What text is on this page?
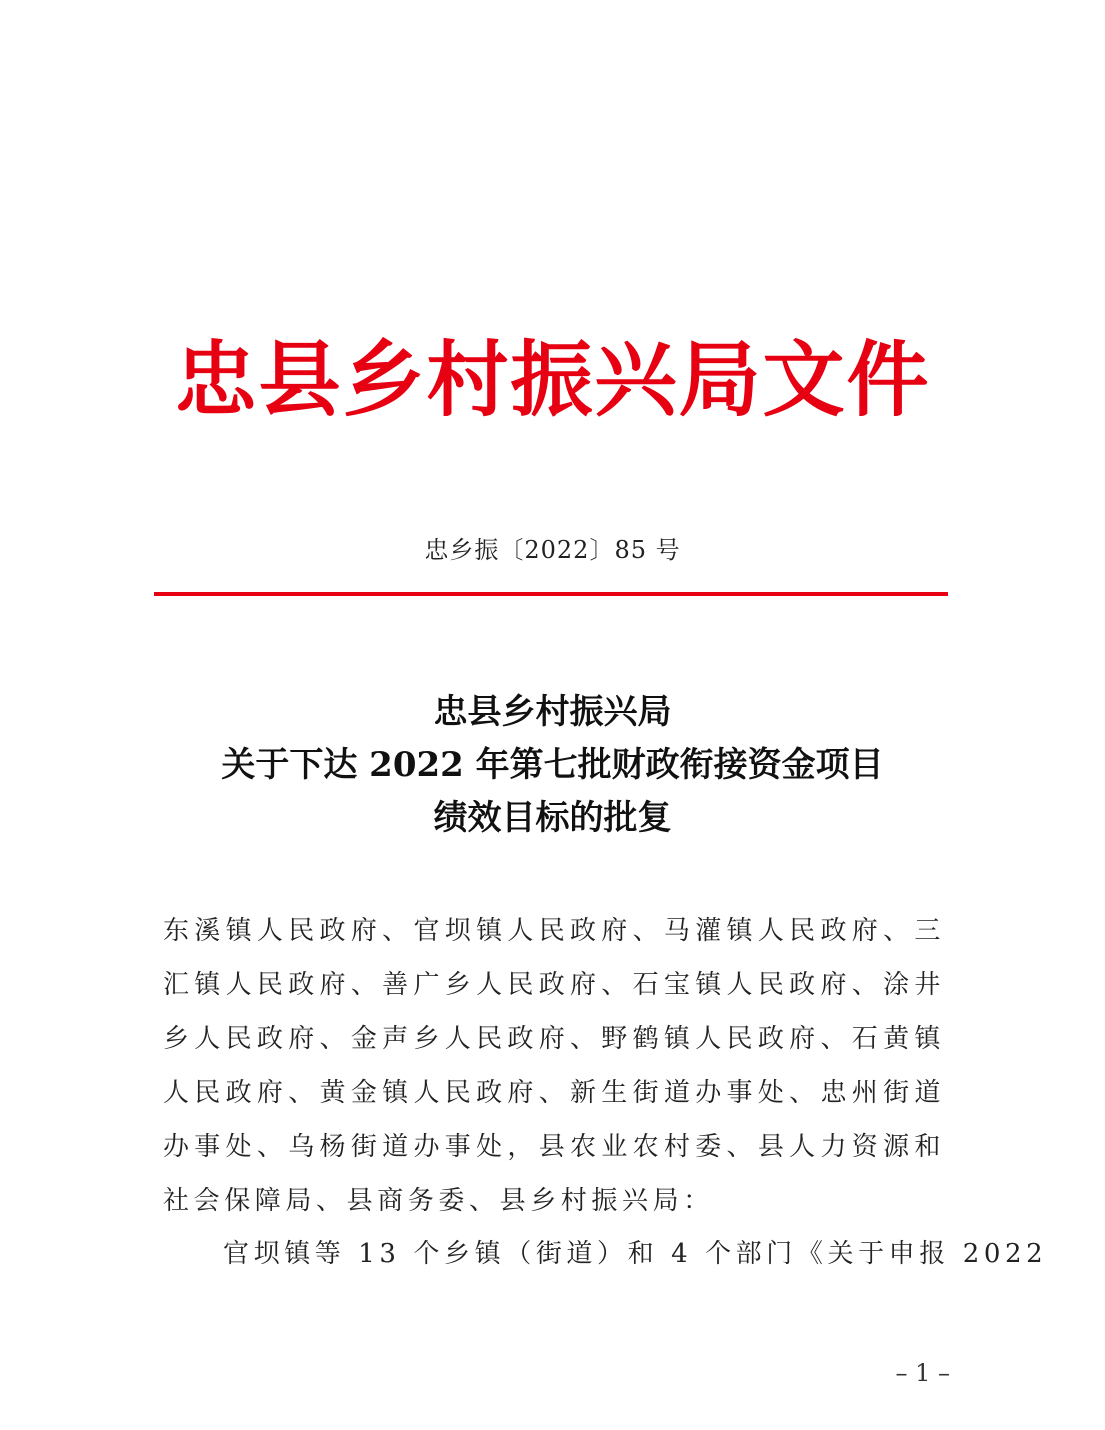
忠县乡村振兴局文件
忠乡振〔2022〕85 号
忠县乡村振兴局
关于下达 2022 年第七批财政衔接资金项目
绩效目标的批复
东溪镇人民政府、官坝镇人民政府、马灌镇人民政府、三汇镇人民政府、善广乡人民政府、石宝镇人民政府、涂井乡人民政府、金声乡人民政府、野鹤镇人民政府、石黄镇人民政府、黄金镇人民政府、新生街道办事处、忠州街道办事处、乌杨街道办事处，县农业农村委、县人力资源和社会保障局、县商务委、县乡村振兴局：
官坝镇等 13 个乡镇（街道）和 4 个部门《关于申报 2022
– 1 –
